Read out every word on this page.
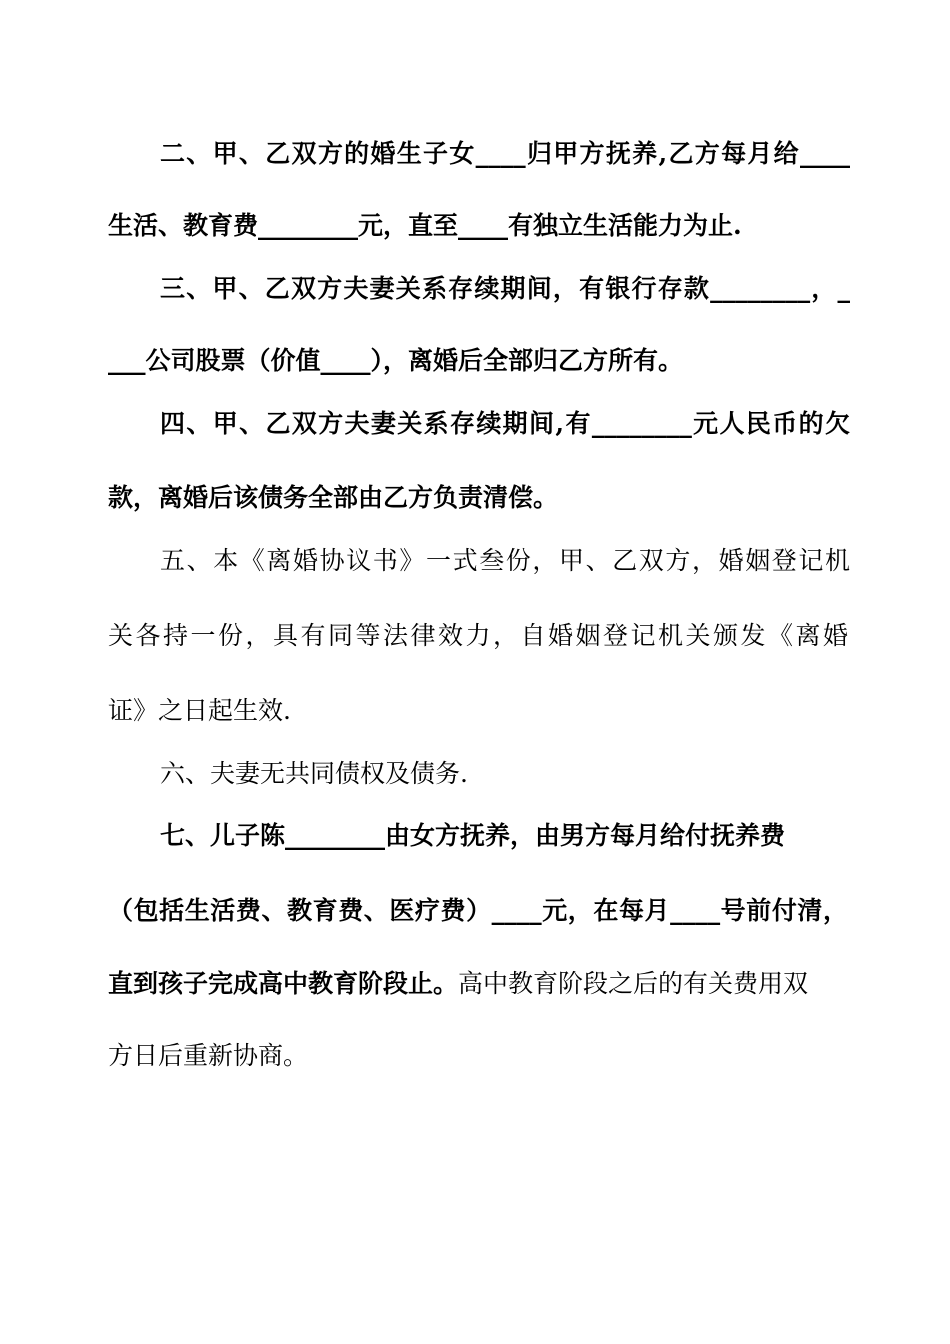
二、甲、乙双方的婚生子女____归甲方抚养,乙方每月给____

生活、教育费________元，直至____有独立生活能力为止.

三、甲、乙双方夫妻关系存续期间，有银行存款________，_

___公司股票（价值____），离婚后全部归乙方所有。

四、甲、乙双方夫妻关系存续期间,有________元人民币的欠

款，离婚后该债务全部由乙方负责清偿。

五、本《离婚协议书》一式叁份，甲、乙双方，婚姻登记机

关各持一份，具有同等法律效力，自婚姻登记机关颁发《离婚

证》之日起生效.

六、夫妻无共同债权及债务.

七、儿子陈________由女方抚养，由男方每月给付抚养费

（包括生活费、教育费、医疗费）____元，在每月____号前付清，

直到孩子完成高中教育阶段止。高中教育阶段之后的有关费用双

方日后重新协商。
